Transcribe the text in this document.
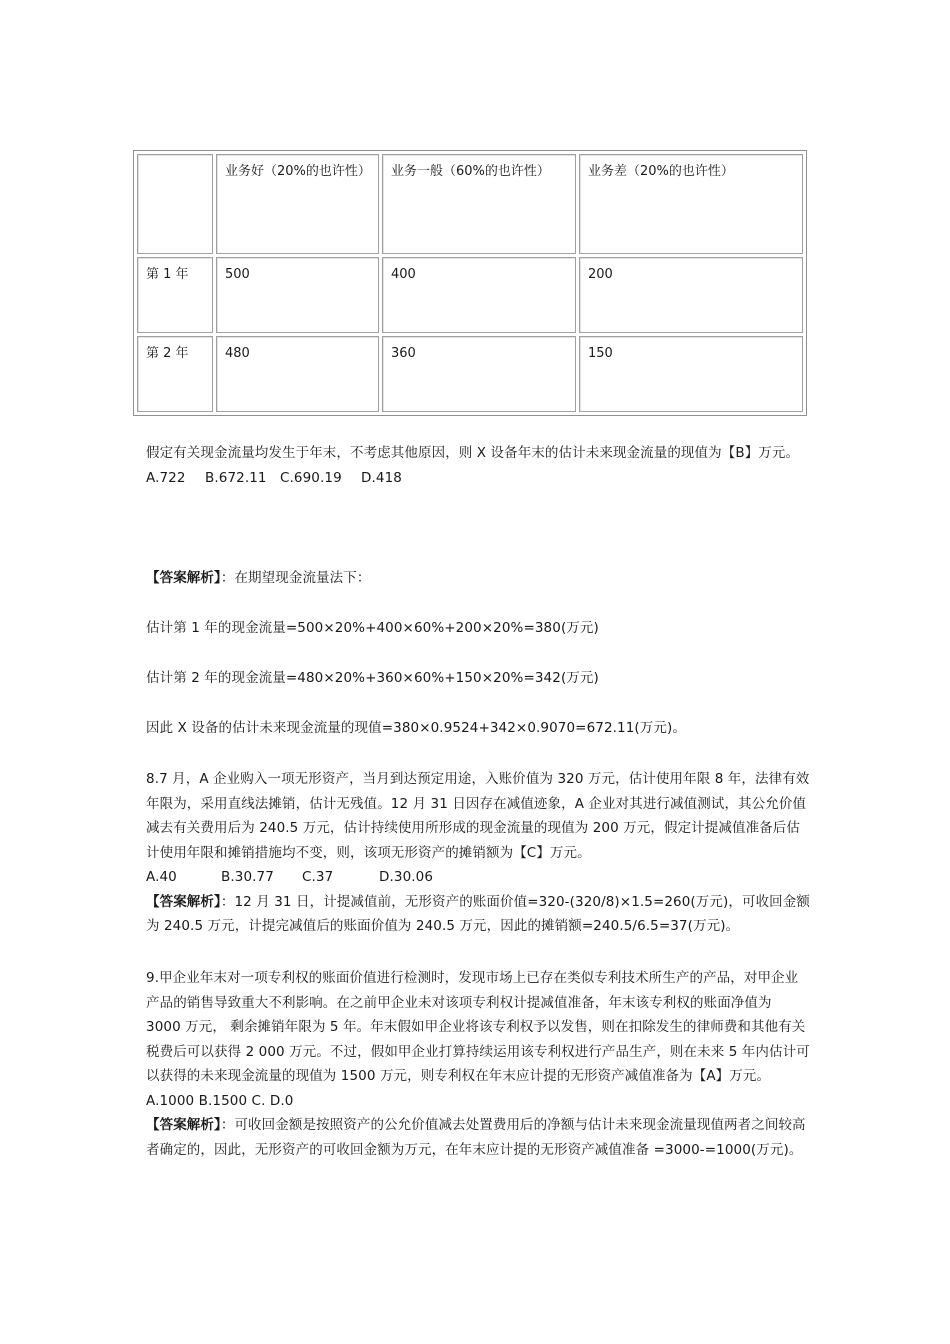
	业务好（20%的也许性）	业务一般（60%的也许性）	业务差（20%的也许性）
第 1 年	500	400	200
第 2 年	480	360	150

假定有关现金流量均发生于年末，不考虑其他原因，则 X 设备年末的估计未来现金流量的现值为【B】万元。

A.722 B.672.11 C.690.19 D.418

【答案解析】：在期望现金流量法下：

估计第 1 年的现金流量=500×20%+400×60%+200×20%=380(万元)

估计第 2 年的现金流量=480×20%+360×60%+150×20%=342(万元)

因此 X 设备的估计未来现金流量的现值=380×0.9524+342×0.9070=672.11(万元)。

8.7 月，A 企业购入一项无形资产，当月到达预定用途，入账价值为 320 万元，估计使用年限 8 年，法律有效年限为，采用直线法摊销，估计无残值。12 月 31 日因存在减值迹象，A 企业对其进行减值测试，其公允价值减去有关费用后为 240.5 万元，估计持续使用所形成的现金流量的现值为 200 万元，假定计提减值准备后估计使用年限和摊销措施均不变，则，该项无形资产的摊销额为【C】万元。

A.40	B.30.77 C.37	D.30.06

【答案解析】：12 月 31 日，计提减值前，无形资产的账面价值=320-(320/8)×1.5=260(万元)，可收回金额为 240.5 万元，计提完减值后的账面价值为 240.5 万元，因此的摊销额=240.5/6.5=37(万元)。

9.甲企业年末对一项专利权的账面价值进行检测时，发现市场上已存在类似专利技术所生产的产品，对甲企业产品的销售导致重大不利影响。在之前甲企业未对该项专利权计提减值准备，年末该专利权的账面净值为 3000 万元， 剩余摊销年限为 5 年。年末假如甲企业将该专利权予以发售，则在扣除发生的律师费和其他有关税费后可以获得 2 000 万元。不过，假如甲企业打算持续运用该专利权进行产品生产，则在未来 5 年内估计可以获得的未来现金流量的现值为 1500 万元，则专利权在年末应计提的无形资产减值准备为【A】万元。

A.1000 B.1500 C. D.0

【答案解析】：可收回金额是按照资产的公允价值减去处置费用后的净额与估计未来现金流量现值两者之间较高者确定的，因此，无形资产的可收回金额为万元，在年末应计提的无形资产减值准备 =3000-=1000(万元)。
